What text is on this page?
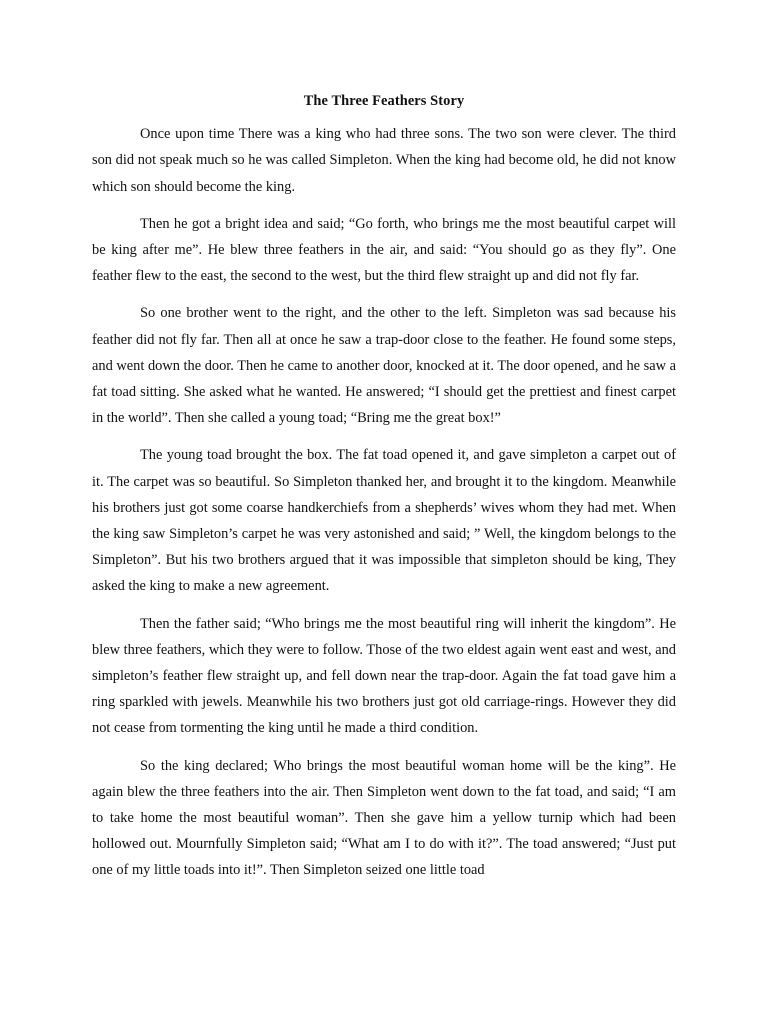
The Three Feathers Story

Once upon time There was a king who had three sons. The two son were clever. The third son did not speak much so he was called Simpleton. When the king had become old, he did not know which son should become the king.

Then he got a bright idea and said; “Go forth, who brings me the most beautiful carpet will be king after me”. He blew three feathers in the air, and said: “You should go as they fly”. One feather flew to the east, the second to the west, but the third flew straight up and did not fly far.

So one brother went to the right, and the other to the left. Simpleton was sad because his feather did not fly far. Then all at once he saw a trap-door close to the feather. He found some steps, and went down the door. Then he came to another door, knocked at it. The door opened, and he saw a fat toad sitting. She asked what he wanted. He answered; “I should get the prettiest and finest carpet in the world”. Then she called a young toad; “Bring me the great box!”

The young toad brought the box. The fat toad opened it, and gave simpleton a carpet out of it. The carpet was so beautiful. So Simpleton thanked her, and brought it to the kingdom. Meanwhile his brothers just got some coarse handkerchiefs from a shepherds’ wives whom they had met. When the king saw Simpleton’s carpet he was very astonished and said; ” Well, the kingdom belongs to the Simpleton”. But his two brothers argued that it was impossible that simpleton should be king, They asked the king to make a new agreement.

Then the father said; “Who brings me the most beautiful ring will inherit the kingdom”. He blew three feathers, which they were to follow. Those of the two eldest again went east and west, and simpleton’s feather flew straight up, and fell down near the trap-door. Again the fat toad gave him a ring sparkled with jewels. Meanwhile his two brothers just got old carriage-rings. However they did not cease from tormenting the king until he made a third condition.

So the king declared; Who brings the most beautiful woman home will be the king”. He again blew the three feathers into the air. Then Simpleton went down to the fat toad, and said; “I am to take home the most beautiful woman”. Then she gave him a yellow turnip which had been hollowed out. Mournfully Simpleton said; “What am I to do with it?”. The toad answered; “Just put one of my little toads into it!”. Then Simpleton seized one little toad
